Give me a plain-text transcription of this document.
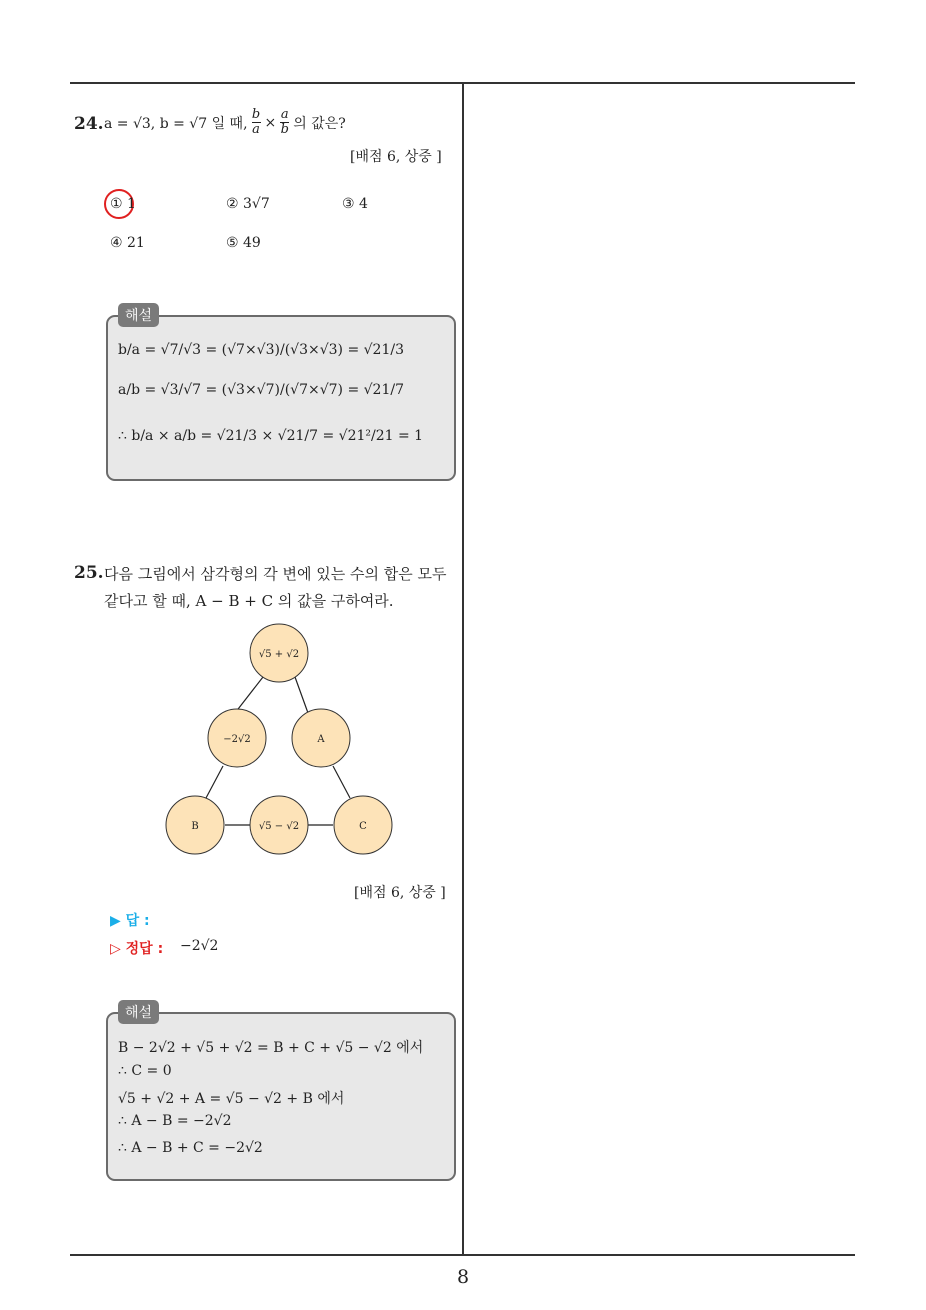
24. a = √3, b = √7 일 때, $\frac{b}{a} \times \frac{a}{b}$ 의 값은?
[배점 6, 상중 ]
① 1	② 3√7	③ 4
④ 21	⑤ 49
해설
b/a = √7/√3 = (√7×√3)/(√3×√3) = √21/3
a/b = √3/√7 = (√3×√7)/(√7×√7) = √21/7
∴ b/a × a/b = √21/3 × √21/7 = √21²/21 = 1
25. 다음 그림에서 삼각형의 각 변에 있는 수의 합은 모두
같다고 할 때, A − B + C 의 값을 구하여라.
√5 + √2
−2√2	A
B	√5 − √2	C
[배점 6, 상중 ]
▶ 답 :
▷ 정답 : −2√2
해설
B − 2√2 + √5 + √2 = B + C + √5 − √2 에서
∴ C = 0
√5 + √2 + A = √5 − √2 + B 에서
∴ A − B = −2√2
∴ A − B + C = −2√2
8
